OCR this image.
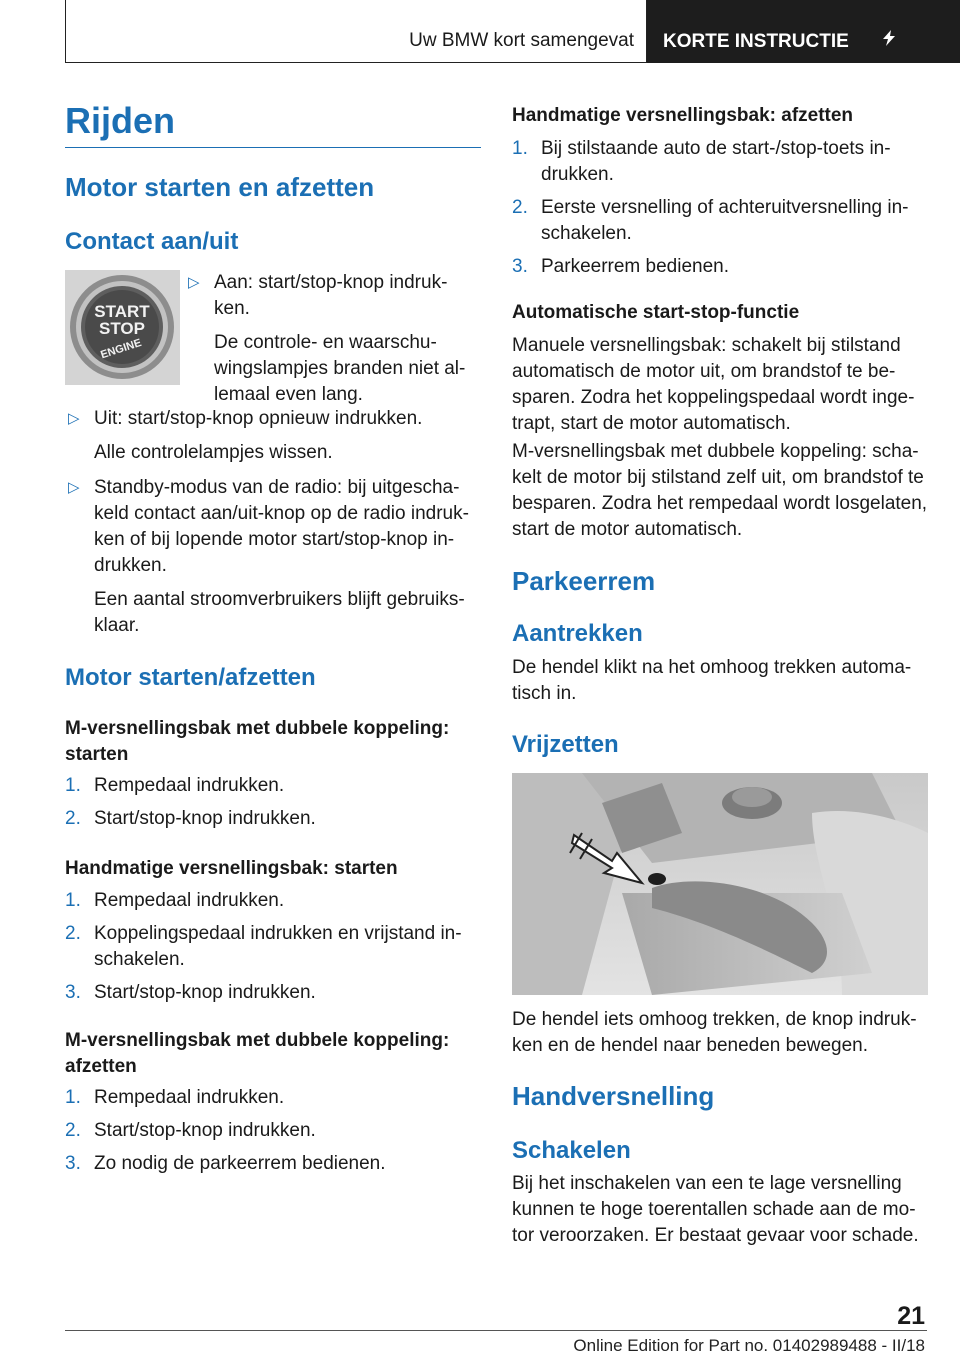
Uw BMW kort samengevat	KORTE INSTRUCTIE
Rijden
Motor starten en afzetten
Contact aan/uit
START
STOP
ENGINE
▷ Aan: start/stop-knop indruk-ken.

De controle- en waarschu-wingslampjes branden niet al-lemaal even lang.

▷ Uit: start/stop-knop opnieuw indrukken.

Alle controlelampjes wissen.

▷ Standby-modus van de radio: bij uitgescha-keld contact aan/uit-knop op de radio indruk-ken of bij lopende motor start/stop-knop in-drukken.

Een aantal stroomverbruikers blijft gebruiks-klaar.

Motor starten/afzetten

M-versnellingsbak met dubbele koppeling: starten

1. Rempedaal indrukken.
2. Start/stop-knop indrukken.

Handmatige versnellingsbak: starten

1. Rempedaal indrukken.
2. Koppelingspedaal indrukken en vrijstand in-schakelen.
3. Start/stop-knop indrukken.

M-versnellingsbak met dubbele koppeling: afzetten

1. Rempedaal indrukken.
2. Start/stop-knop indrukken.
3. Zo nodig de parkeerrem bedienen.

Handmatige versnellingsbak: afzetten

1. Bij stilstaande auto de start-/stop-toets in-drukken.
2. Eerste versnelling of achteruitversnelling in-schakelen.
3. Parkeerrem bedienen.

Automatische start-stop-functie

Manuele versnellingsbak: schakelt bij stilstand automatisch de motor uit, om brandstof te be-sparen. Zodra het koppelingspedaal wordt inge-trapt, start de motor automatisch.

M-versnellingsbak met dubbele koppeling: scha-kelt de motor bij stilstand zelf uit, om brandstof te besparen. Zodra het rempedaal wordt losgelaten, start de motor automatisch.

Parkeerrem
Aantrekken

De hendel klikt na het omhoog trekken automa-tisch in.

Vrijzetten

De hendel iets omhoog trekken, de knop indruk-ken en de hendel naar beneden bewegen.

Handversnelling
Schakelen

Bij het inschakelen van een te lage versnelling kunnen te hoge toerentallen schade aan de mo-tor veroorzaken. Er bestaat gevaar voor schade.

21
Online Edition for Part no. 01402989488 - II/18
